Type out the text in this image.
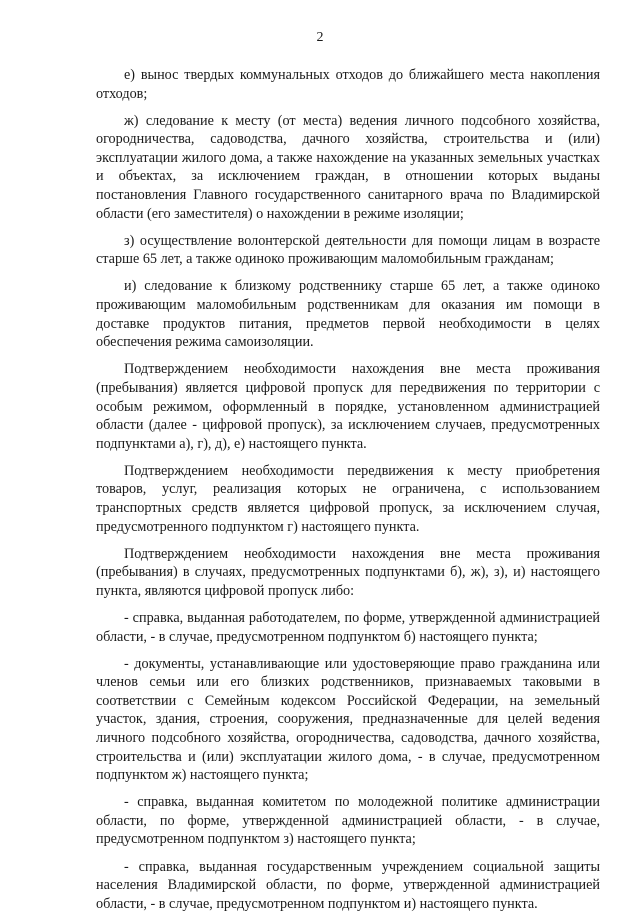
2

е) вынос твердых коммунальных отходов до ближайшего места накопления отходов;

ж) следование к месту (от места) ведения личного подсобного хозяйства, огородничества, садоводства, дачного хозяйства, строительства и (или) эксплуатации жилого дома, а также нахождение на указанных земельных участках и объектах, за исключением граждан, в отношении которых выданы постановления Главного государственного санитарного врача по Владимирской области (его заместителя) о нахождении в режиме изоляции;

з) осуществление волонтерской деятельности для помощи лицам в возрасте старше 65 лет, а также одиноко проживающим маломобильным гражданам;

и) следование к близкому родственнику старше 65 лет, а также одиноко проживающим маломобильным родственникам для оказания им помощи в доставке продуктов питания, предметов первой необходимости в целях обеспечения режима самоизоляции.

Подтверждением необходимости нахождения вне места проживания (пребывания) является цифровой пропуск для передвижения по территории с особым режимом, оформленный в порядке, установленном администрацией области (далее - цифровой пропуск), за исключением случаев, предусмотренных подпунктами а), г), д), е) настоящего пункта.

Подтверждением необходимости передвижения к месту приобретения товаров, услуг, реализация которых не ограничена, с использованием транспортных средств является цифровой пропуск, за исключением случая, предусмотренного подпунктом г) настоящего пункта.

Подтверждением необходимости нахождения вне места проживания (пребывания) в случаях, предусмотренных подпунктами б), ж), з), и) настоящего пункта, являются цифровой пропуск либо:

- справка, выданная работодателем, по форме, утвержденной администрацией области, - в случае, предусмотренном подпунктом б) настоящего пункта;

- документы, устанавливающие или удостоверяющие право гражданина или членов семьи или его близких родственников, признаваемых таковыми в соответствии с Семейным кодексом Российской Федерации, на земельный участок, здания, строения, сооружения, предназначенные для целей ведения личного подсобного хозяйства, огородничества, садоводства, дачного хозяйства, строительства и (или) эксплуатации жилого дома, - в случае, предусмотренном подпунктом ж) настоящего пункта;

- справка, выданная комитетом по молодежной политике администрации области, по форме, утвержденной администрацией области, - в случае, предусмотренном подпунктом з) настоящего пункта;

- справка, выданная государственным учреждением социальной защиты населения Владимирской области, по форме, утвержденной администрацией области, - в случае, предусмотренном подпунктом и) настоящего пункта.
